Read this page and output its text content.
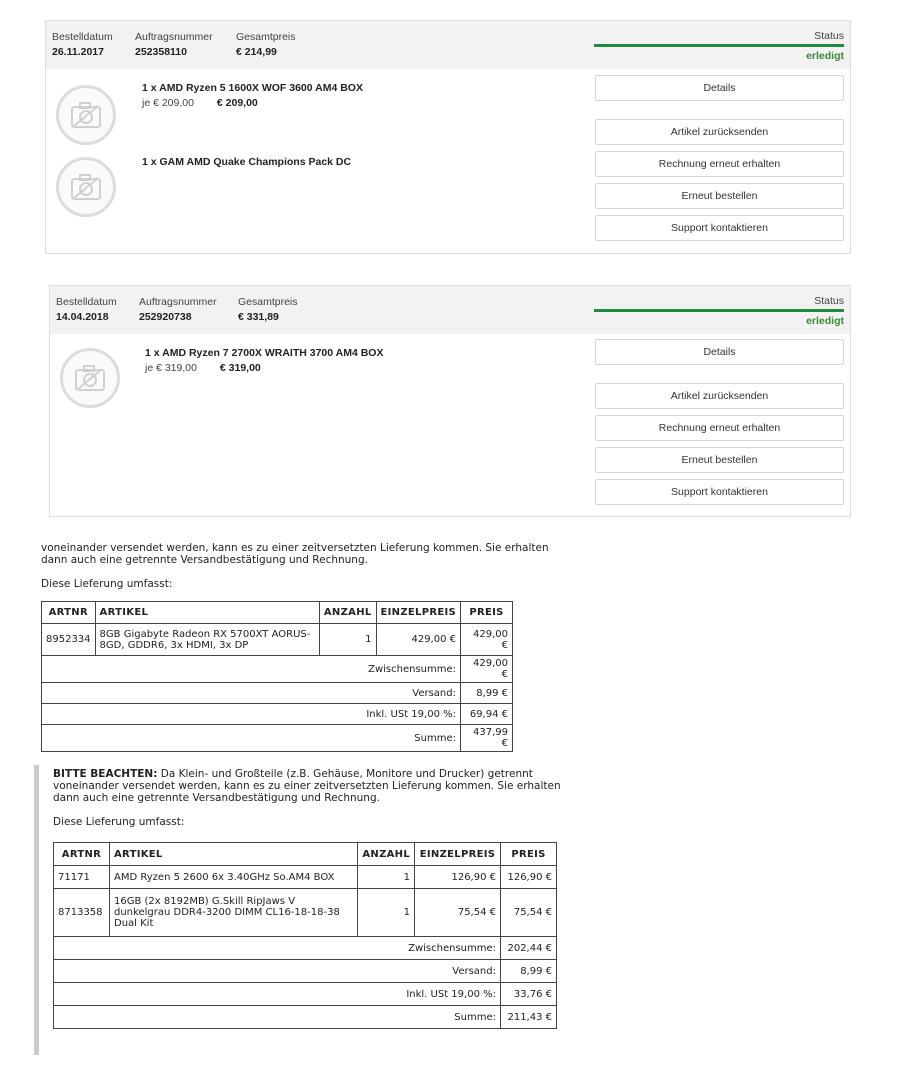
Bestelldatum
26.11.2017
Auftragsnummer
252358110
Gesamtpreis
€ 214,99
Status
erledigt
1 x AMD Ryzen 5 1600X WOF 3600 AM4 BOX
je € 209,00 € 209,00
1 x GAM AMD Quake Champions Pack DC
Details
Artikel zurücksenden
Rechnung erneut erhalten
Erneut bestellen
Support kontaktieren
Bestelldatum
14.04.2018
Auftragsnummer
252920738
Gesamtpreis
€ 331,89
Status
erledigt
1 x AMD Ryzen 7 2700X WRAITH 3700 AM4 BOX
je € 319,00 € 319,00
Details
Artikel zurücksenden
Rechnung erneut erhalten
Erneut bestellen
Support kontaktieren

voneinander versendet werden, kann es zu einer zeitversetzten Lieferung kommen. Sie erhalten

dann auch eine getrennte Versandbestätigung und Rechnung.

Diese Lieferung umfasst:

ARTNR	ARTIKEL	ANZAHL	EINZELPREIS	PREIS
8952334	8GB Gigabyte Radeon RX 5700XT AORUS-8GD, GDDR6, 3x HDMI, 3x DP	1	429,00 €	429,00 €
Zwischensumme:				429,00 €
Versand:				8,99 €
Inkl. USt 19,00 %:				69,94 €
Summe:				437,99 €

BITTE BEACHTEN: Da Klein- und Großteile (z.B. Gehäuse, Monitore und Drucker) getrennt

voneinander versendet werden, kann es zu einer zeitversetzten Lieferung kommen. Sie erhalten

dann auch eine getrennte Versandbestätigung und Rechnung.

Diese Lieferung umfasst:

ARTNR	ARTIKEL	ANZAHL	EINZELPREIS	PREIS
71171	AMD Ryzen 5 2600 6x 3.40GHz So.AM4 BOX	1	126,90 €	126,90 €
8713358	16GB (2x 8192MB) G.Skill RipJaws V dunkelgrau DDR4-3200 DIMM CL16-18-18-38 Dual Kit	1	75,54 €	75,54 €
Zwischensumme:				202,44 €
Versand:				8,99 €
Inkl. USt 19,00 %:				33,76 €
Summe:				211,43 €
